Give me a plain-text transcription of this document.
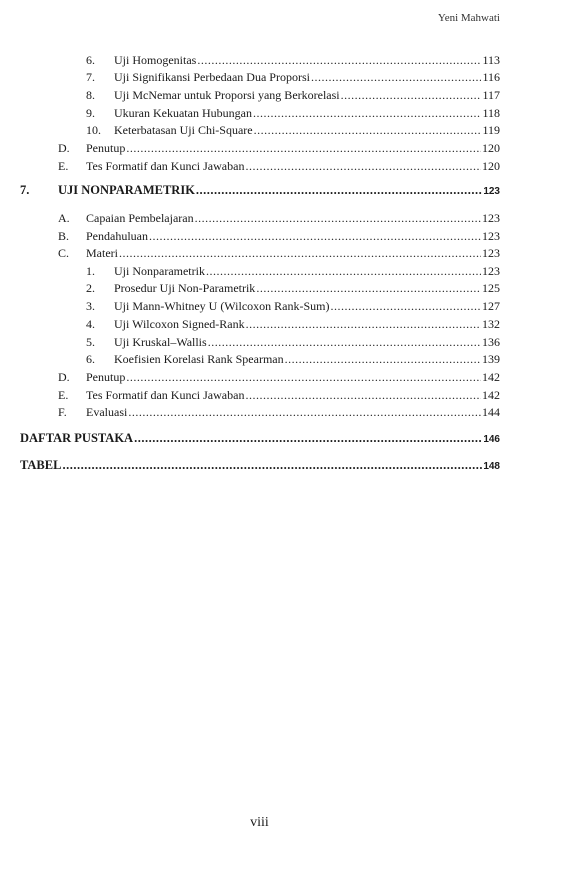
Yeni Mahwati
6. Uji Homogenitas .....	113
7. Uji Signifikansi Perbedaan Dua Proporsi .....	116
8. Uji McNemar untuk Proporsi yang Berkorelasi .....	117
9. Ukuran Kekuatan Hubungan .....	118
10. Keterbatasan Uji Chi-Square .....	119
D. Penutup .....	120
E. Tes Formatif dan Kunci Jawaban .....	120
7. UJI NONPARAMETRIK .....	123
A. Capaian Pembelajaran .....	123
B. Pendahuluan .....	123
C. Materi .....	123
1. Uji Nonparametrik .....	123
2. Prosedur Uji Non-Parametrik .....	125
3. Uji Mann-Whitney U (Wilcoxon Rank-Sum) .....	127
4. Uji Wilcoxon Signed-Rank .....	132
5. Uji Kruskal–Wallis .....	136
6. Koefisien Korelasi Rank Spearman .....	139
D. Penutup .....	142
E. Tes Formatif dan Kunci Jawaban .....	142
F. Evaluasi .....	144
DAFTAR PUSTAKA .....	146
TABEL .....	148
viii
